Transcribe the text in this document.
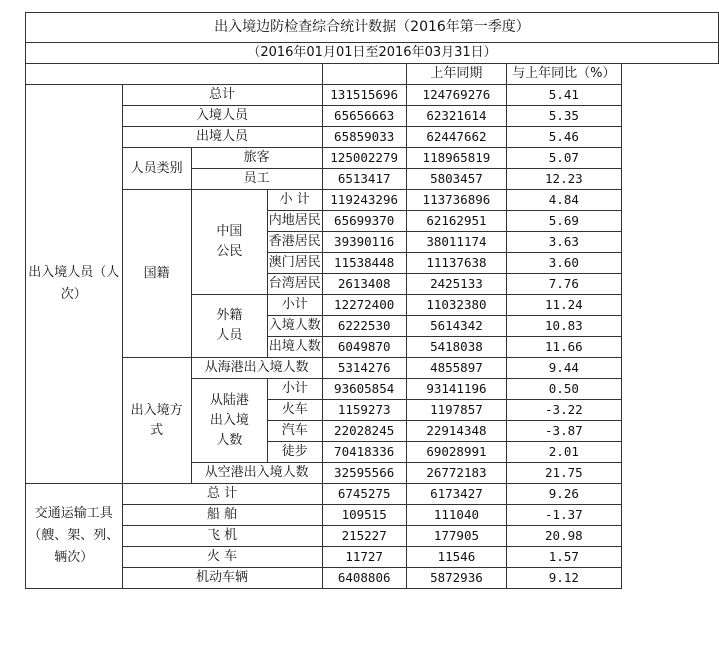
出入境边防检查综合统计数据（2016年第一季度）						
（2016年01月01日至2016年03月31日）						
					上年同期	与上年同比（%）
出入境人员（人次）	总计			131515696	124769276	5.41
	入境人员			65656663	62321614	5.35
	出境人员			65859033	62447662	5.46
	人员类别	旅客		125002279	118965819	5.07
		员工		6513417	5803457	12.23
	国籍	中国公民	小 计	119243296	113736896	4.84
			内地居民	65699370	62162951	5.69
			香港居民	39390116	38011174	3.63
			澳门居民	11538448	11137638	3.60
			台湾居民	2613408	2425133	7.76
		外籍人员	小计	12272400	11032380	11.24
			入境人数	6222530	5614342	10.83
			出境人数	6049870	5418038	11.66
	出入境方式	从海港出入境人数		5314276	4855897	9.44
		从陆港出入境人数	小计	93605854	93141196	0.50
			火车	1159273	1197857	-3.22
			汽车	22028245	22914348	-3.87
			徒步	70418336	69028991	2.01
		从空港出入境人数		32595566	26772183	21.75
交通运输工具（艘、架、列、辆次）	总 计			6745275	6173427	9.26
	船 舶			109515	111040	-1.37
	飞 机			215227	177905	20.98
	火 车			11727	11546	1.57
	机动车辆			6408806	5872936	9.12
